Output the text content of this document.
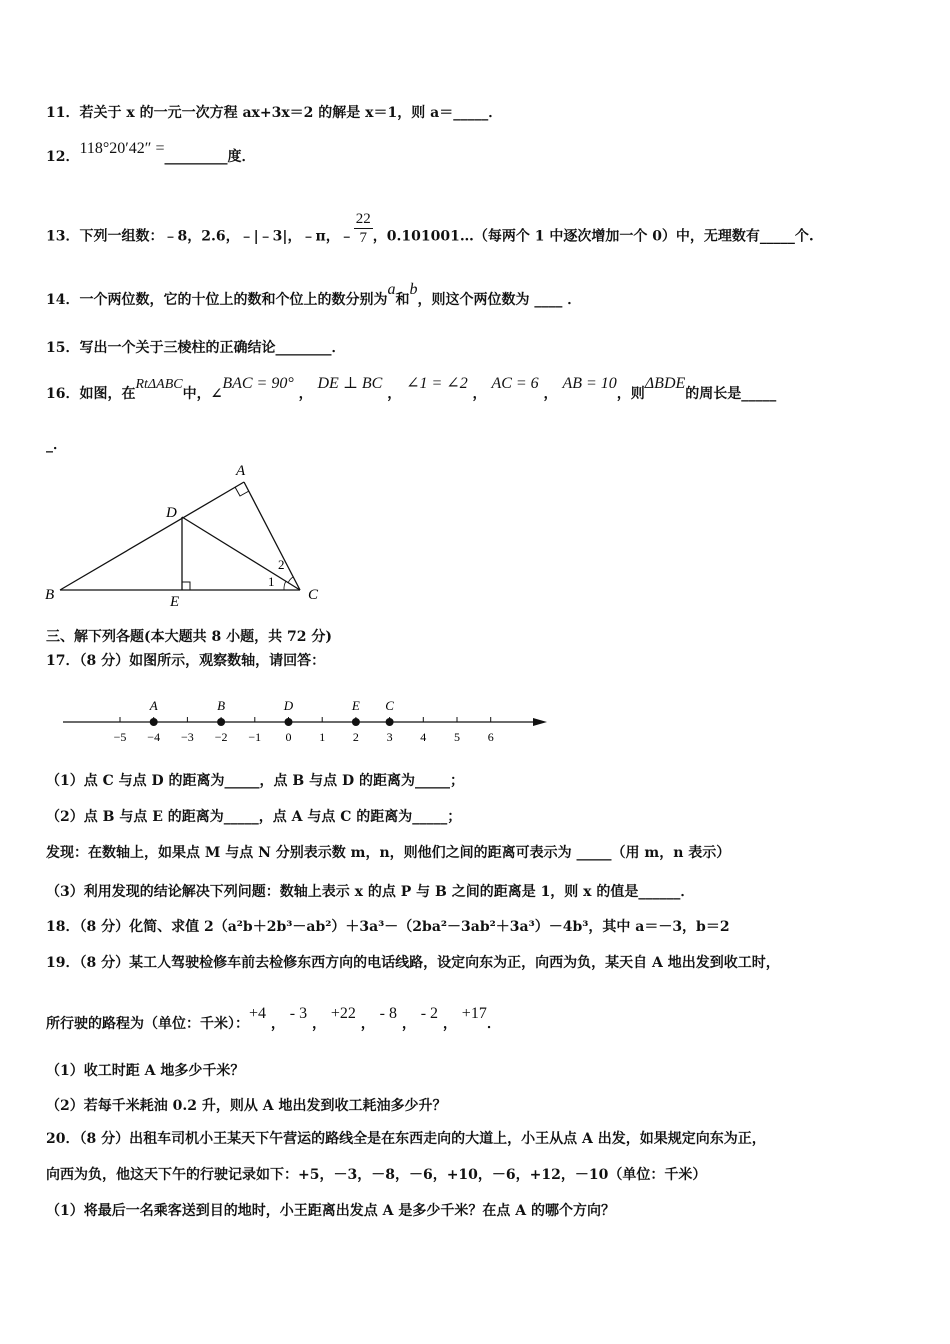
11．若关于 x 的一元一次方程 ax+3x＝2 的解是 x＝1，则 a＝_____．
12．118°20′42″ =_________度．
13．下列一组数：﹣8，2.6，﹣|﹣3|，﹣π，﹣ $\frac{22}{7}$ ，0.101001…（每两个 1 中逐次增加一个 0）中，无理数有_____个.
14．一个两位数，它的十位上的数和个位上的数分别为a和b，则这个两位数为 ____ ．
15．写出一个关于三棱柱的正确结论________．
16．如图，在RtΔABC中，∠BAC = 90° ， DE ⊥ BC ， ∠1 = ∠2 ， AC = 6 ， AB = 10，则ΔBDE的周长是_____
_．
A
B	C
D
E
1
2
三、解下列各题(本大题共 8 小题，共 72 分)
17．（8 分）如图所示，观察数轴，请回答：
−5 −4 −3 −2 −1 0 1 2 3 4 5 6
A	B	D	E C
（1）点 C 与点 D 的距离为_____，点 B 与点 D 的距离为_____；
（2）点 B 与点 E 的距离为_____，点 A 与点 C 的距离为_____；
发现：在数轴上，如果点 M 与点 N 分别表示数 m，n，则他们之间的距离可表示为 _____（用 m，n 表示）
（3）利用发现的结论解决下列问题：数轴上表示 x 的点 P 与 B 之间的距离是 1，则 x 的值是______．
18．（8 分）化简、求值 2（a²b＋2b³－ab²）＋3a³－（2ba²－3ab²＋3a³）－4b³，其中 a＝－3，b＝2
19．（8 分）某工人驾驶检修车前去检修东西方向的电话线路，设定向东为正，向西为负，某天自 A 地出发到收工时，
所行驶的路程为（单位：千米）：+4 ， - 3 ， +22 ， - 8 ， - 2 ， +17．
（1）收工时距 A 地多少千米？
（2）若每千米耗油 0.2 升，则从 A 地出发到收工耗油多少升？
20．（8 分）出租车司机小王某天下午营运的路线全是在东西走向的大道上，小王从点 A 出发，如果规定向东为正，
向西为负，他这天下午的行驶记录如下：+5，－3，－8，－6，+10，－6，+12，－10（单位：千米）
（1）将最后一名乘客送到目的地时，小王距离出发点 A 是多少千米？在点 A 的哪个方向？
